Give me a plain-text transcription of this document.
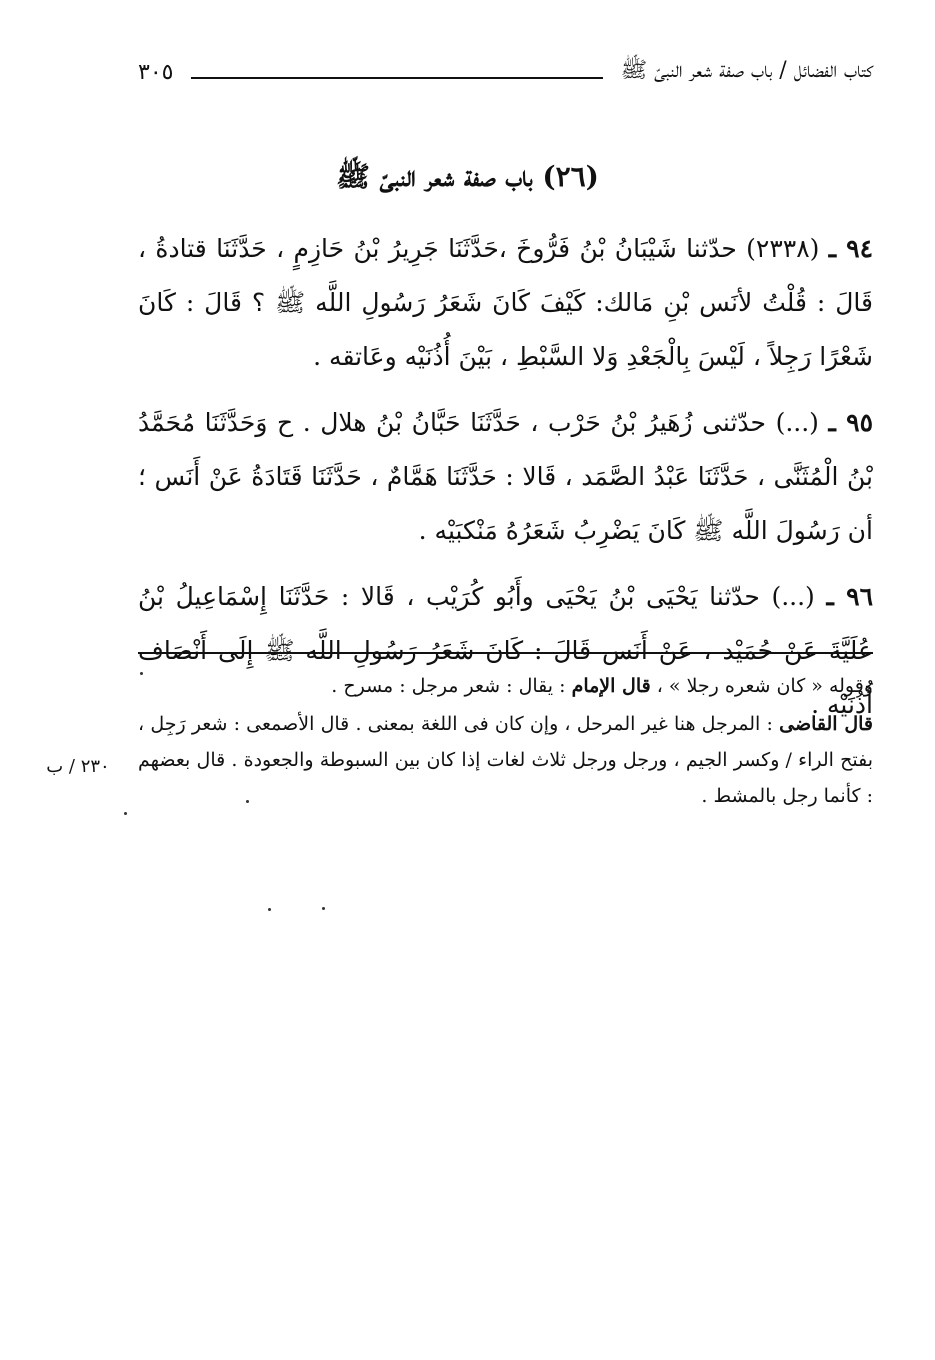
كتاب الفضائل / باب صفة شعر النبىّ ﷺ
٣٠٥
(٢٦) باب صفة شعر النبىّ ﷺ

٩٤ ـ (٢٣٣٨) حدّثنا شَيْبَانُ بْنُ فَرُّوخَ ،حَدَّثَنَا جَرِيرُ بْنُ حَازِمٍ ، حَدَّثَنَا قتادةُ ، قَالَ : قُلْتُ لأنَس بْنِ مَالك: كَيْفَ كَانَ شَعَرُ رَسُولِ اللَّه ﷺ ؟ قَالَ : كَانَ شَعْرًا رَجِلاً ، لَيْسَ بِالْجَعْدِ وَلا السَّبْطِ ، بَيْنَ أُذُنَيْه وعَاتقه .

٩٥ ـ (...) حدّثنى زُهَيرُ بْنُ حَرْب ، حَدَّثَنَا حَبَّانُ بْنُ هلال . ح وَحَدَّثَنَا مُحَمَّدُ بْنُ الْمُثَنَّى ، حَدَّثَنَا عَبْدُ الصَّمَد ، قَالا : حَدَّثَنَا هَمَّامٌ ، حَدَّثَنَا قَتَادَةُ عَنْ أَنَس ؛ أن رَسُولَ اللَّه ﷺ كَانَ يَضْرِبُ شَعَرُهُ مَنْكبَيْه .

٩٦ ـ (...) حدّثنا يَحْيَى بْنُ يَحْيَى وأَبُو كُرَيْب ، قَالا : حَدَّثَنَا إِسْمَاعِيلُ بْنُ عُلَيَّةَ عَنْ حُمَيْد ، عَنْ أَنَس قَالَ : كَانَ شَعَرُ رَسُولِ اللَّه ﷺ إِلَى أَنْصَاف أُذُنَيْه .

وقوله « كان شعره رجلا » ، قال الإمام : يقال : شعر مرجل : مسرح .

قال القاضى : المرجل هنا غير المرحل ، وإن كان فى اللغة بمعنى . قال الأصمعى : شعر رَجِل ، بفتح الراء / وكسر الجيم ، ورجل ورجل ثلاث لغات إذا كان بين السبوطة والجعودة . قال بعضهم : كأنما رجل بالمشط .

٢٣٠ / ب
